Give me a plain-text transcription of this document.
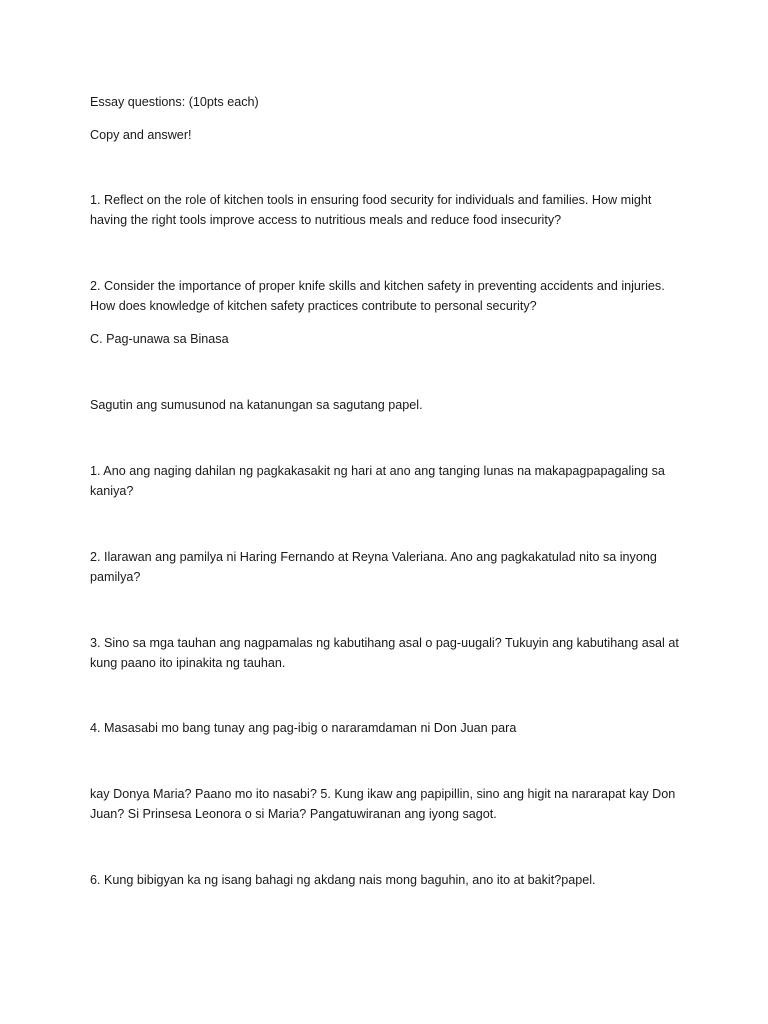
Essay questions: (10pts each)

Copy and answer!

1. Reflect on the role of kitchen tools in ensuring food security for individuals and families. How might having the right tools improve access to nutritious meals and reduce food insecurity?

2. Consider the importance of proper knife skills and kitchen safety in preventing accidents and injuries. How does knowledge of kitchen safety practices contribute to personal security?

C. Pag-unawa sa Binasa

Sagutin ang sumusunod na katanungan sa sagutang papel.

1. Ano ang naging dahilan ng pagkakasakit ng hari at ano ang tanging lunas na makapagpapagaling sa kaniya?

2. Ilarawan ang pamilya ni Haring Fernando at Reyna Valeriana. Ano ang pagkakatulad nito sa inyong pamilya?

3. Sino sa mga tauhan ang nagpamalas ng kabutihang asal o pag-uugali? Tukuyin ang kabutihang asal at kung paano ito ipinakita ng tauhan.

4. Masasabi mo bang tunay ang pag-ibig o nararamdaman ni Don Juan para

kay Donya Maria? Paano mo ito nasabi? 5. Kung ikaw ang papipillin, sino ang higit na nararapat kay Don Juan? Si Prinsesa Leonora o si Maria? Pangatuwiranan ang iyong sagot.

6. Kung bibigyan ka ng isang bahagi ng akdang nais mong baguhin, ano ito at bakit?papel.
